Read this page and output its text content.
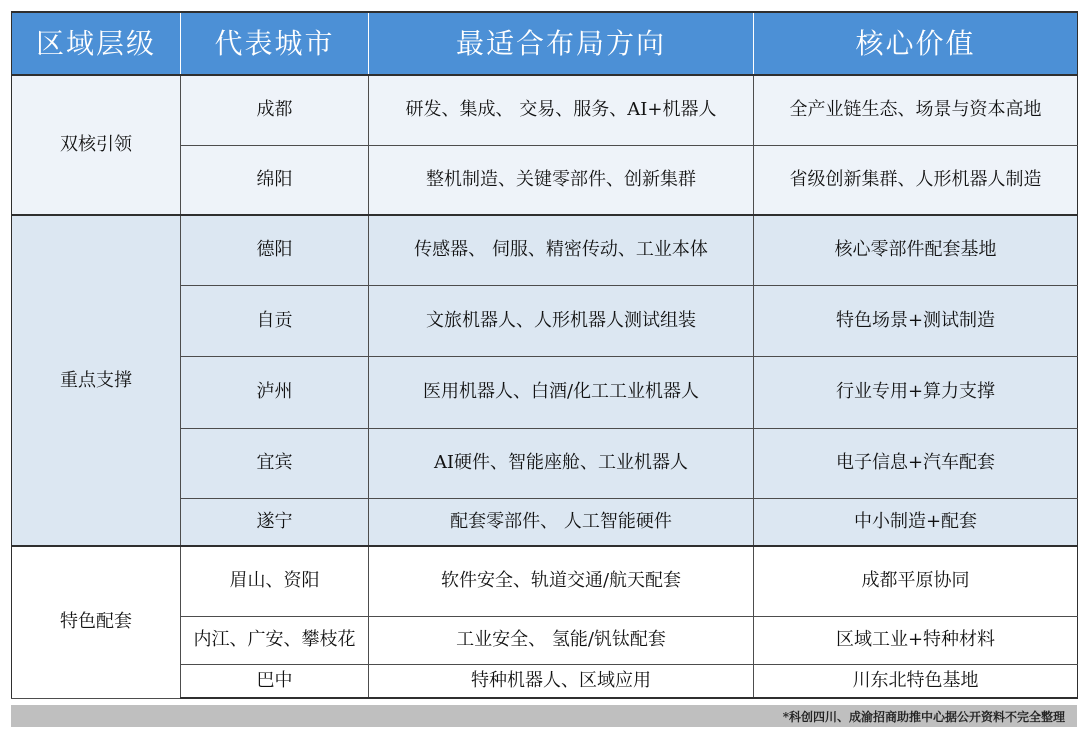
区域层级	代表城市	最适合布局方向	核心价值
双核引领	成都	研发、集成、 交易、服务、AI+机器人	全产业链生态、场景与资本高地
	绵阳	整机制造、关键零部件、创新集群	省级创新集群、人形机器人制造
重点支撑	德阳	传感器、 伺服、精密传动、工业本体	核心零部件配套基地
	自贡	文旅机器人、人形机器人测试组装	特色场景+测试制造
	泸州	医用机器人、白酒/化工工业机器人	行业专用+算力支撑
	宜宾	AI硬件、智能座舱、工业机器人	电子信息+汽车配套
	遂宁	配套零部件、 人工智能硬件	中小制造+配套
特色配套	眉山、资阳	软件安全、轨道交通/航天配套	成都平原协同
	内江、广安、攀枝花	工业安全、 氢能/钒钛配套	区域工业+特种材料
	巴中	特种机器人、区域应用	川东北特色基地
*科创四川、成渝招商助推中心据公开资料不完全整理
